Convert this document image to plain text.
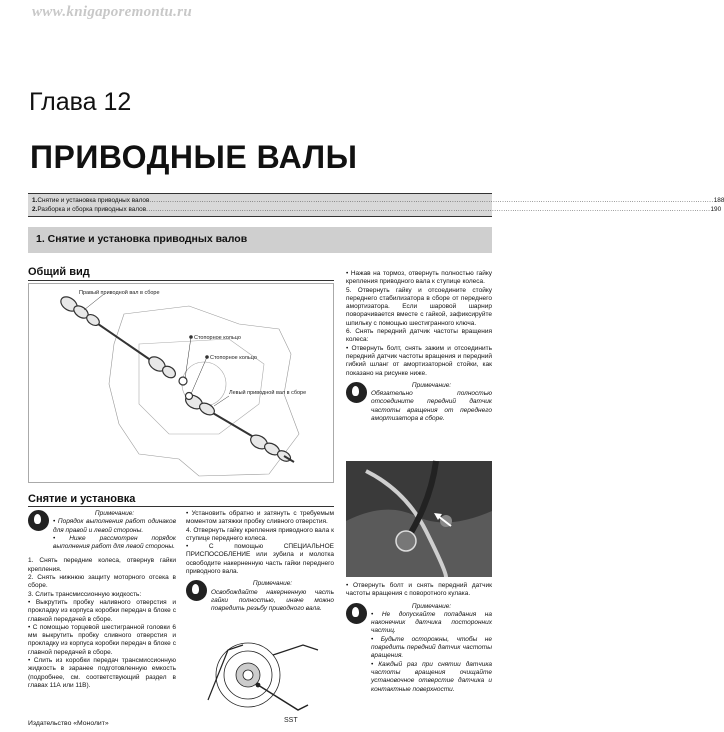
www.knigaporemontu.ru
Глава 12
ПРИВОДНЫЕ ВАЛЫ
1. Снятие и установка приводных валов ........................................................................................................................................................................................................................................................ 188
2. Разборка и сборка приводных валов ........................................................................................................................................................................................................................................................ 190
1. Снятие и установка приводных валов
Общий вид
Правый приводной вал в сборе
Стопорное кольцо
Стопорное кольцо
Левый приводной вал в сборе
Снятие и установка
Примечание:

• Порядок выполнения работ одинаков для правой и левой стороны.

• Ниже рассмотрен порядок выполнения работ для левой стороны.

1. Снять передние колеса, отвернув гайки крепления.

2. Снять нижнюю защиту моторного отсека в сборе.

3. Слить трансмиссионную жидкость:

• Выкрутить пробку наливного отверстия и прокладку из корпуса коробки передач в блоке с главной передачей в сборе.

• С помощью торцевой шестигранной головки 6 мм выкрутить пробку сливного отверстия и прокладку из корпуса коробки передач в блоке с главной передачей в сборе.

• Слить из коробки передач трансмиссионную жидкость в заранее подготовленную емкость (подробнее, см. соответствующий раздел в главах 11А или 11В).

• Установить обратно и затянуть с требуемым моментом затяжки пробку сливного отверстия.

4. Отвернуть гайку крепления приводного вала к ступице переднего колеса.

• С помощью СПЕЦИАЛЬНОЕ ПРИСПОСОБЛЕНИЕ или зубила и молотка освободите накерненную часть гайки переднего приводного вала.

Примечание:

Освобождайте накерненную часть гайки полностью, иначе можно повредить резьбу приводного вала.

SST

• Нажав на тормоз, отвернуть полностью гайку крепления приводного вала к ступице колеса.

5. Отвернуть гайку и отсоедините стойку переднего стабилизатора в сборе от переднего амортизатора. Если шаровой шарнир поворачивается вместе с гайкой, зафиксируйте шпильку с помощью шестигранного ключа.

6. Снять передний датчик частоты вращения колеса:

• Отвернуть болт, снять зажим и отсоединить передний датчик частоты вращения и передний гибкий шланг от амортизаторной стойки, как показано на рисунке ниже.

Примечание:

Обязательно полностью отсоедините передний датчик частоты вращения от переднего амортизатора в сборе.

• Отвернуть болт и снять передний датчик частоты вращения с поворотного кулака.

Примечание:

• Не допускайте попадания на наконечник датчика посторонних частиц.

• Будьте осторожны, чтобы не повредить передний датчик частоты вращения.

• Каждый раз при снятии датчика частоты вращения очищайте установочное отверстие датчика и контактные поверхности.

Издательство «Монолит»
